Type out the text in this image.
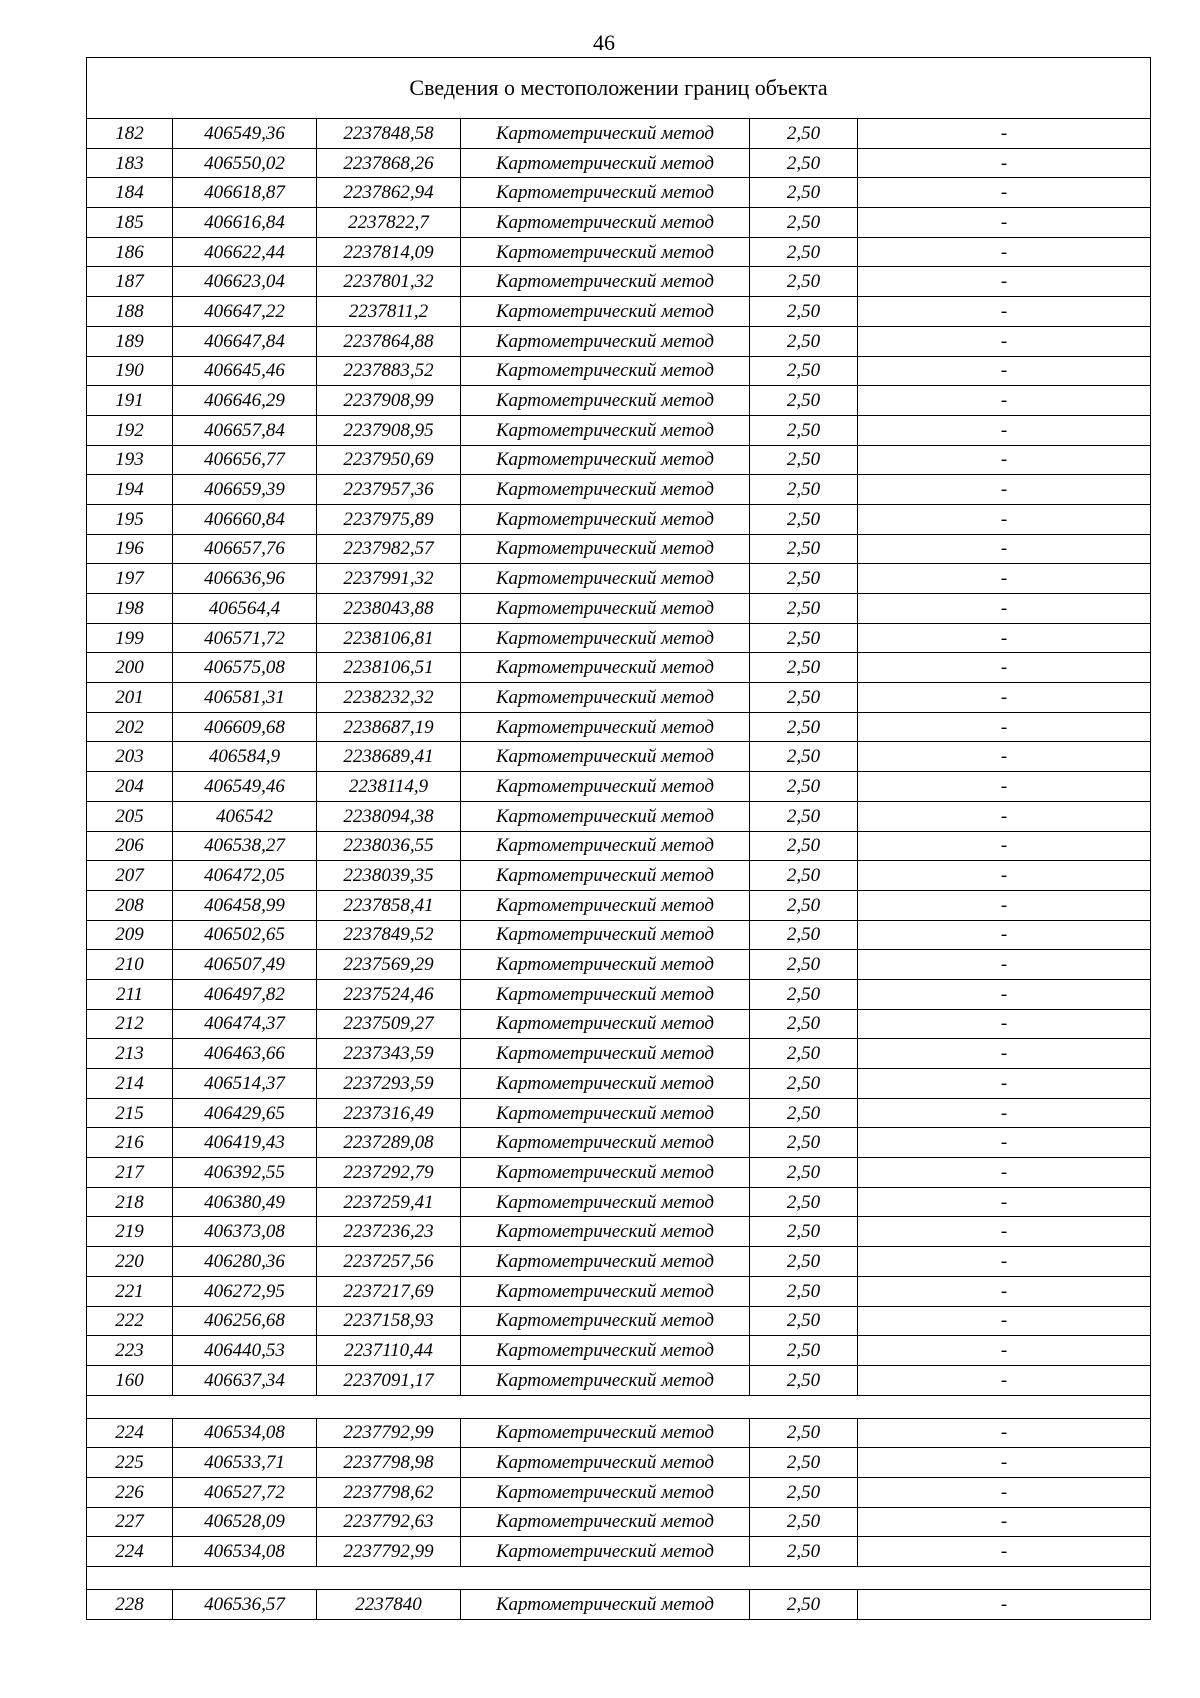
46
Сведения о местоположении границ объекта					
182	406549,36	2237848,58	Картометрический метод	2,50	-
183	406550,02	2237868,26	Картометрический метод	2,50	-
184	406618,87	2237862,94	Картометрический метод	2,50	-
185	406616,84	2237822,7	Картометрический метод	2,50	-
186	406622,44	2237814,09	Картометрический метод	2,50	-
187	406623,04	2237801,32	Картометрический метод	2,50	-
188	406647,22	2237811,2	Картометрический метод	2,50	-
189	406647,84	2237864,88	Картометрический метод	2,50	-
190	406645,46	2237883,52	Картометрический метод	2,50	-
191	406646,29	2237908,99	Картометрический метод	2,50	-
192	406657,84	2237908,95	Картометрический метод	2,50	-
193	406656,77	2237950,69	Картометрический метод	2,50	-
194	406659,39	2237957,36	Картометрический метод	2,50	-
195	406660,84	2237975,89	Картометрический метод	2,50	-
196	406657,76	2237982,57	Картометрический метод	2,50	-
197	406636,96	2237991,32	Картометрический метод	2,50	-
198	406564,4	2238043,88	Картометрический метод	2,50	-
199	406571,72	2238106,81	Картометрический метод	2,50	-
200	406575,08	2238106,51	Картометрический метод	2,50	-
201	406581,31	2238232,32	Картометрический метод	2,50	-
202	406609,68	2238687,19	Картометрический метод	2,50	-
203	406584,9	2238689,41	Картометрический метод	2,50	-
204	406549,46	2238114,9	Картометрический метод	2,50	-
205	406542	2238094,38	Картометрический метод	2,50	-
206	406538,27	2238036,55	Картометрический метод	2,50	-
207	406472,05	2238039,35	Картометрический метод	2,50	-
208	406458,99	2237858,41	Картометрический метод	2,50	-
209	406502,65	2237849,52	Картометрический метод	2,50	-
210	406507,49	2237569,29	Картометрический метод	2,50	-
211	406497,82	2237524,46	Картометрический метод	2,50	-
212	406474,37	2237509,27	Картометрический метод	2,50	-
213	406463,66	2237343,59	Картометрический метод	2,50	-
214	406514,37	2237293,59	Картометрический метод	2,50	-
215	406429,65	2237316,49	Картометрический метод	2,50	-
216	406419,43	2237289,08	Картометрический метод	2,50	-
217	406392,55	2237292,79	Картометрический метод	2,50	-
218	406380,49	2237259,41	Картометрический метод	2,50	-
219	406373,08	2237236,23	Картометрический метод	2,50	-
220	406280,36	2237257,56	Картометрический метод	2,50	-
221	406272,95	2237217,69	Картометрический метод	2,50	-
222	406256,68	2237158,93	Картометрический метод	2,50	-
223	406440,53	2237110,44	Картометрический метод	2,50	-
160	406637,34	2237091,17	Картометрический метод	2,50	-

224	406534,08	2237792,99	Картометрический метод	2,50	-
225	406533,71	2237798,98	Картометрический метод	2,50	-
226	406527,72	2237798,62	Картометрический метод	2,50	-
227	406528,09	2237792,63	Картометрический метод	2,50	-
224	406534,08	2237792,99	Картометрический метод	2,50	-

228	406536,57	2237840	Картометрический метод	2,50	-
